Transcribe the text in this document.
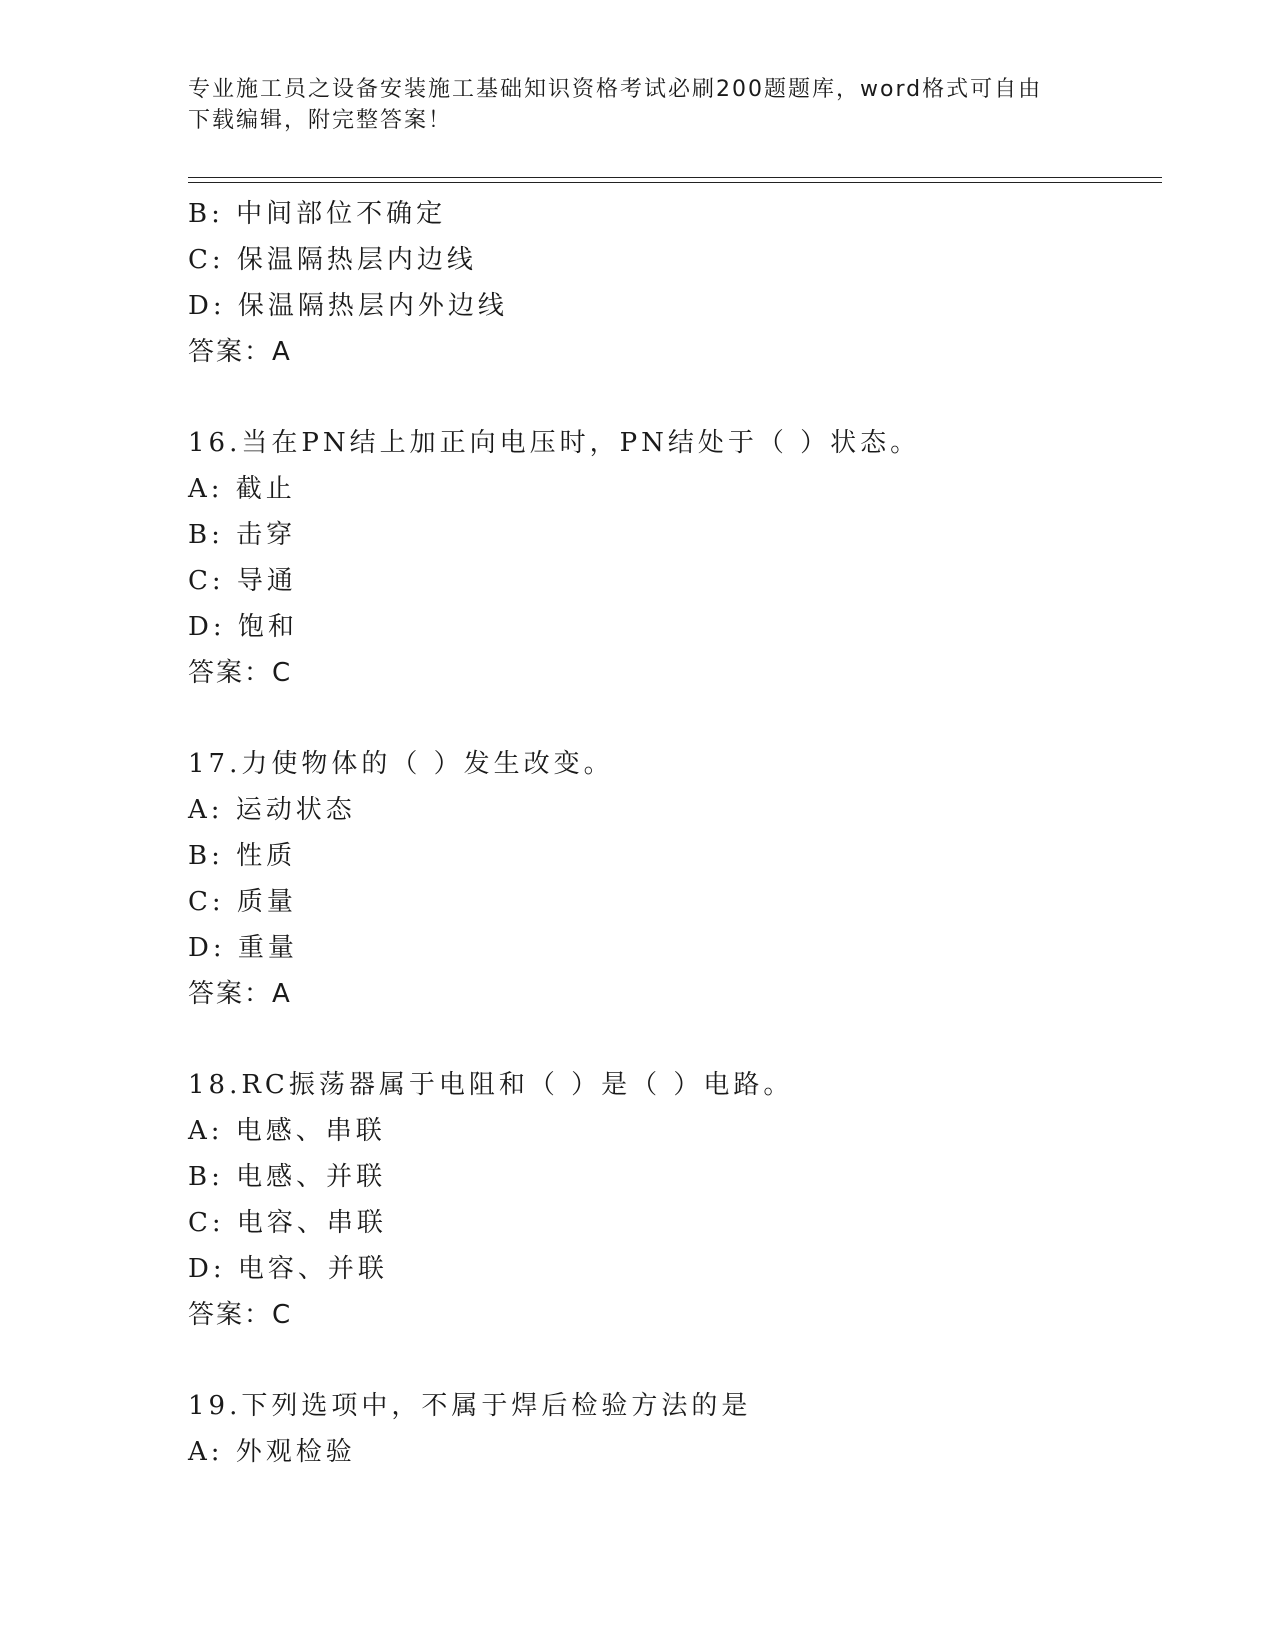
专业施工员之设备安装施工基础知识资格考试必刷200题题库，word格式可自由
下载编辑，附完整答案！
B: 中间部位不确定
C: 保温隔热层内边线
D: 保温隔热层内外边线
答案：A
16.当在PN结上加正向电压时，PN结处于（ ）状态。
A: 截止
B: 击穿
C: 导通
D: 饱和
答案：C
17.力使物体的（ ）发生改变。
A: 运动状态
B: 性质
C: 质量
D: 重量
答案：A
18.RC振荡器属于电阻和（ ）是（ ）电路。
A: 电感、串联
B: 电感、并联
C: 电容、串联
D: 电容、并联
答案：C
19.下列选项中，不属于焊后检验方法的是
A: 外观检验
